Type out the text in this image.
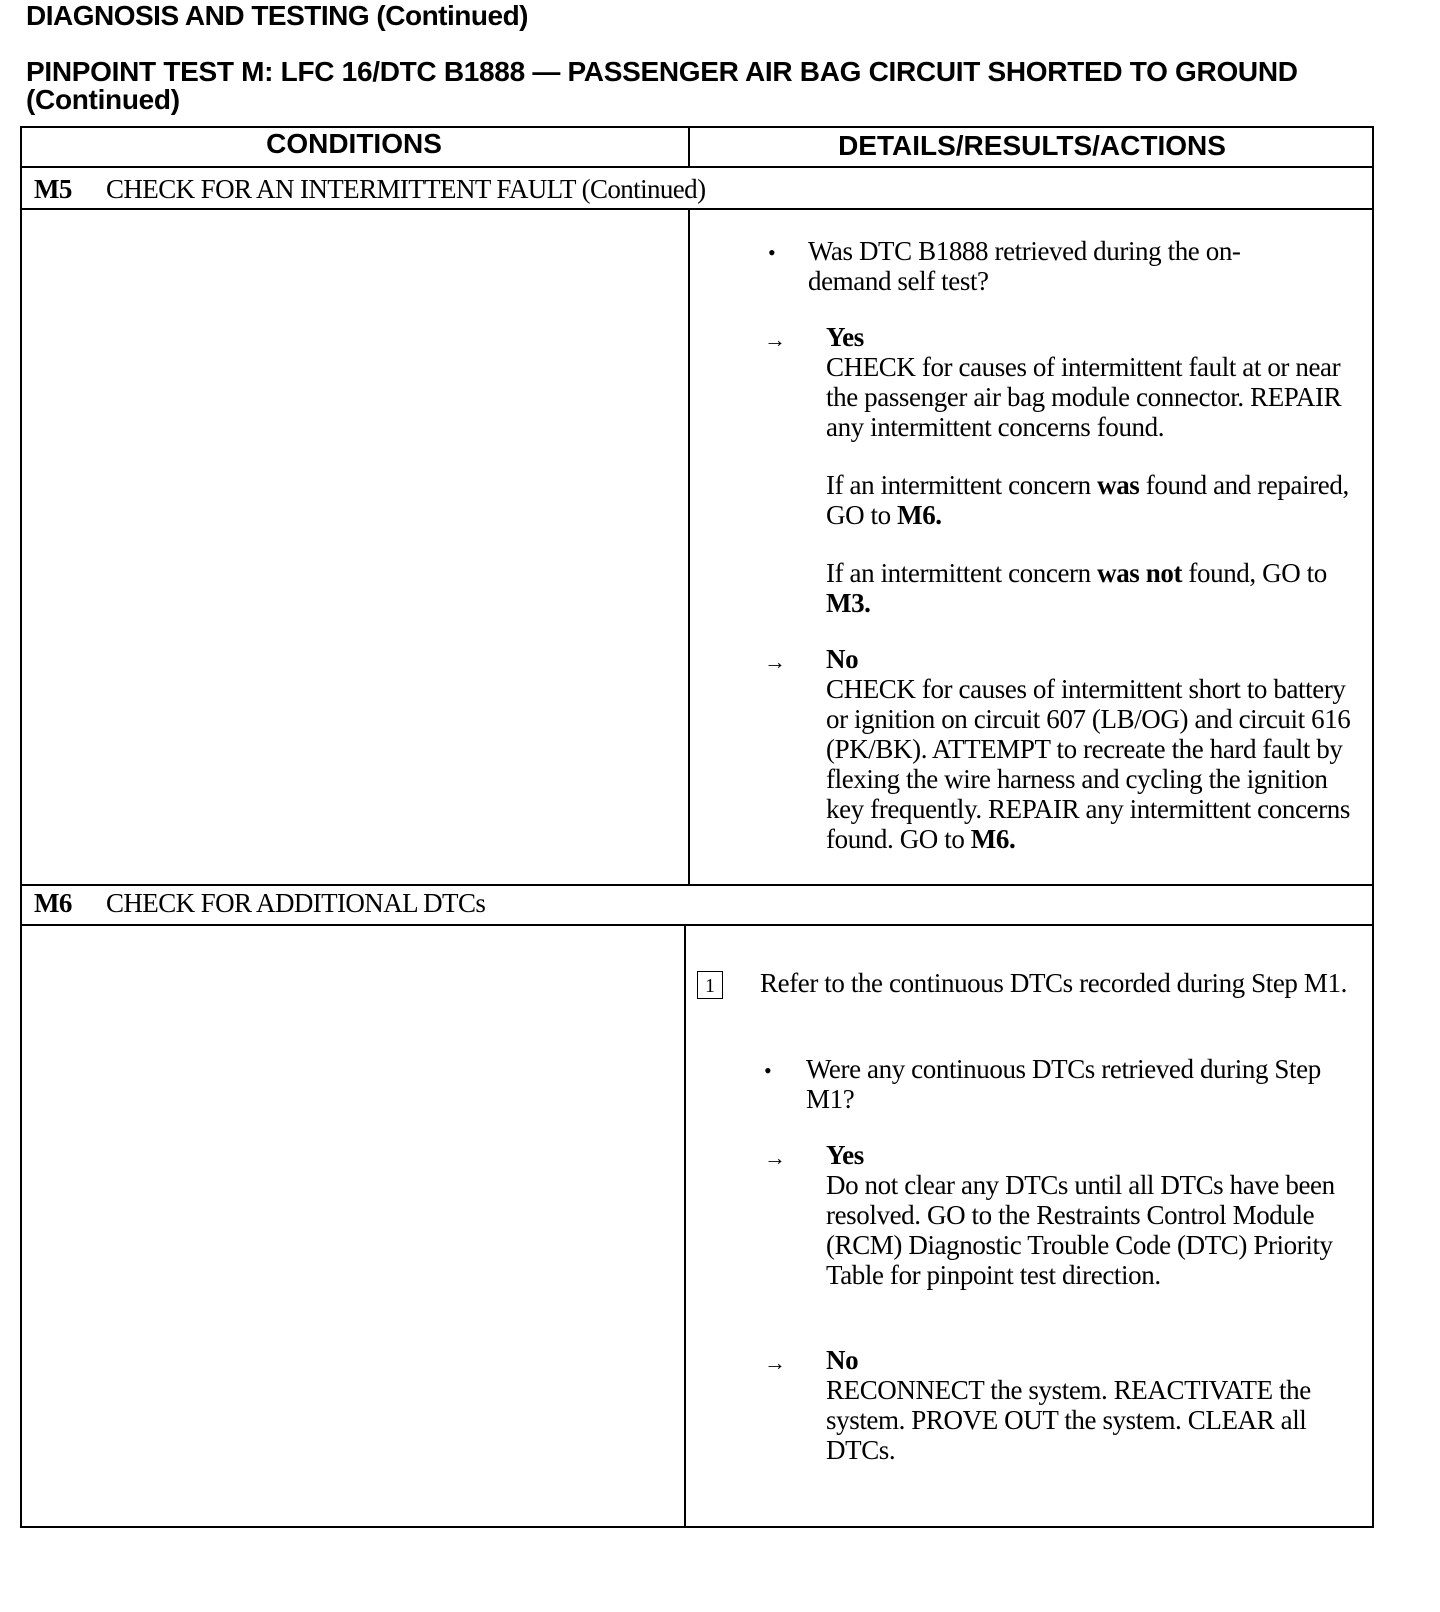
DIAGNOSIS AND TESTING (Continued)
PINPOINT TEST M: LFC 16/DTC B1888 — PASSENGER AIR BAG CIRCUIT SHORTED TO GROUND (Continued)
CONDITIONS	DETAILS/RESULTS/ACTIONS
M5 CHECK FOR AN INTERMITTENT FAULT (Continued)
• Was DTC B1888 retrieved during the on-demand self test?
→ Yes

CHECK for causes of intermittent fault at or near the passenger air bag module connector. REPAIR any intermittent concerns found.

If an intermittent concern was found and repaired, GO to M6.

If an intermittent concern was not found, GO to M3.

→ No

CHECK for causes of intermittent short to battery or ignition on circuit 607 (LB/OG) and circuit 616 (PK/BK). ATTEMPT to recreate the hard fault by flexing the wire harness and cycling the ignition key frequently. REPAIR any intermittent concerns found. GO to M6.

M6 CHECK FOR ADDITIONAL DTCs
1 Refer to the continuous DTCs recorded during Step M1.
• Were any continuous DTCs retrieved during Step M1?
→ Yes

Do not clear any DTCs until all DTCs have been resolved. GO to the Restraints Control Module (RCM) Diagnostic Trouble Code (DTC) Priority Table for pinpoint test direction.

→ No

RECONNECT the system. REACTIVATE the system. PROVE OUT the system. CLEAR all DTCs.
